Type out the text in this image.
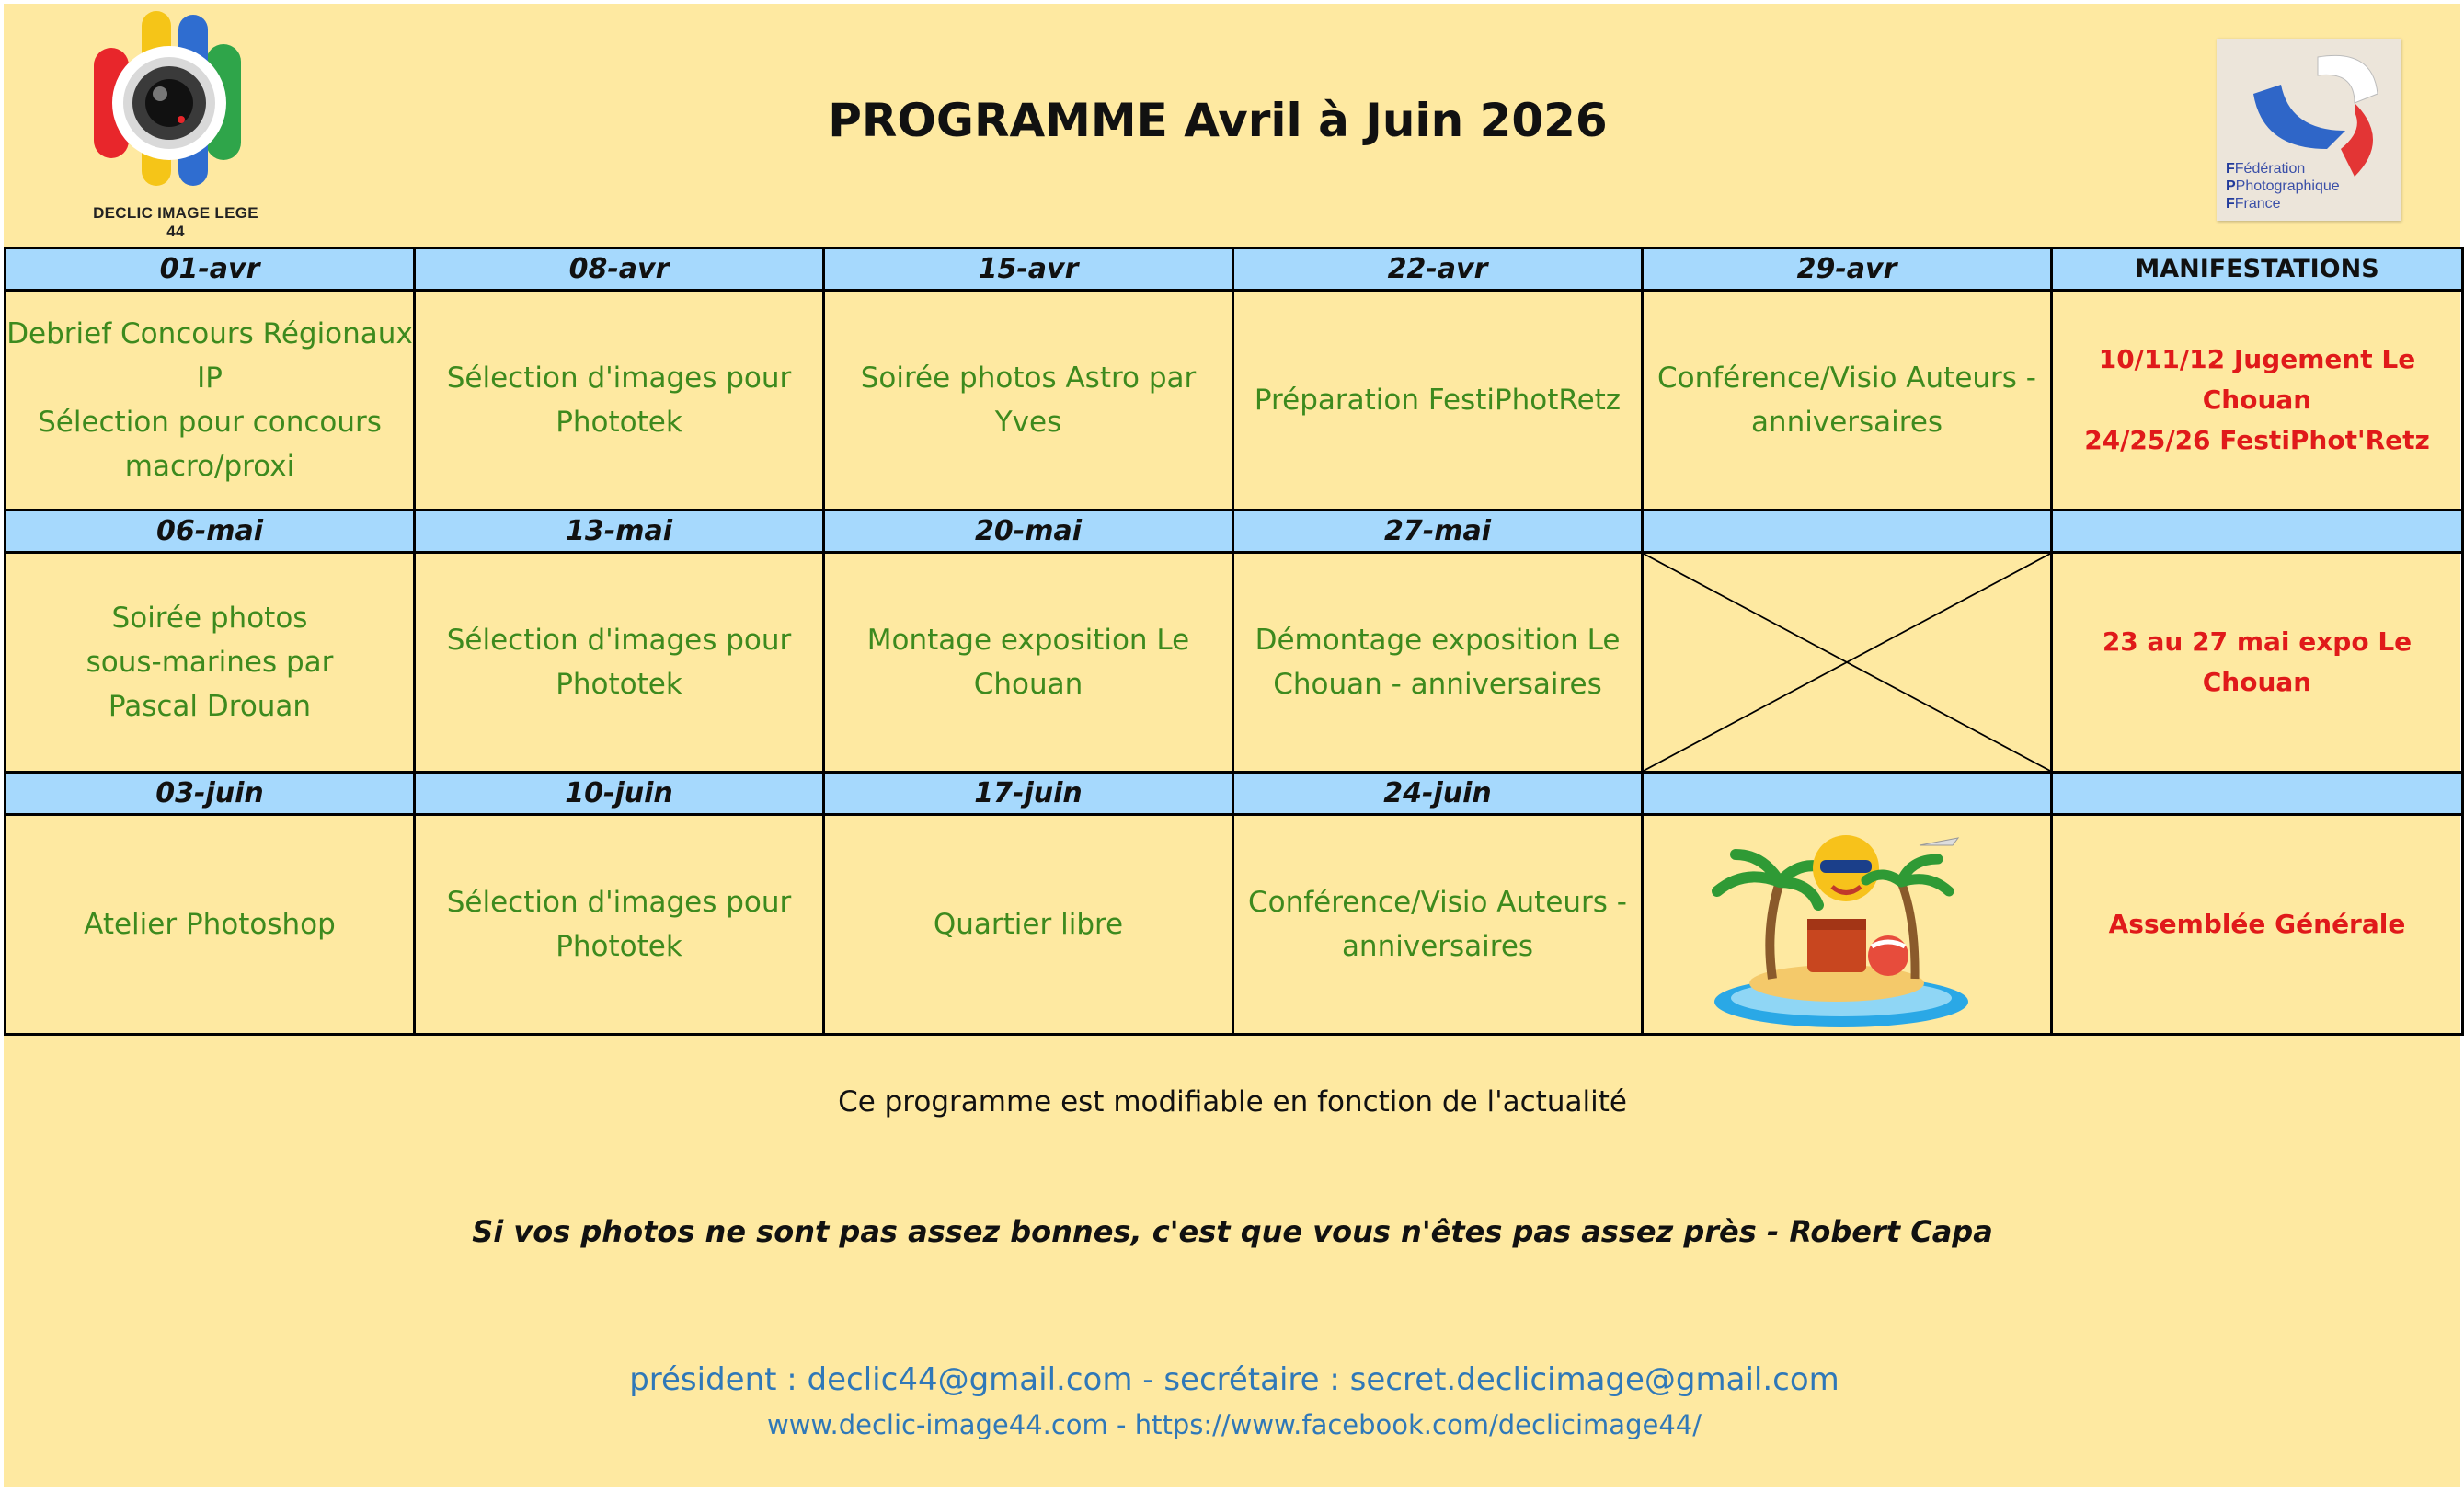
DECLIC IMAGE LEGE 44
PROGRAMME Avril à Juin 2026
FFédération
PPhotographique
FFrance
01-avr	08-avr	15-avr	22-avr	29-avr	MANIFESTATIONS
Debrief Concours Régionaux
IP
Sélection pour concours
macro/proxi	Sélection d'images pour
Phototek	Soirée photos Astro par Yves	Préparation FestiPhotRetz	Conférence/Visio Auteurs -
anniversaires	10/11/12 Jugement Le Chouan
24/25/26 FestiPhot'Retz
06-mai	13-mai	20-mai	27-mai		
Soirée photos
sous-marines par
Pascal Drouan	Sélection d'images pour
Phototek	Montage exposition Le
Chouan	Démontage exposition Le
Chouan - anniversaires		23 au 27 mai expo Le Chouan
03-juin	10-juin	17-juin	24-juin		
Atelier Photoshop	Sélection d'images pour
Phototek	Quartier libre	Conférence/Visio Auteurs -
anniversaires		Assemblée Générale
Ce programme est modifiable en fonction de l'actualité
Si vos photos ne sont pas assez bonnes, c'est que vous n'êtes pas assez près - Robert Capa
président : declic44@gmail.com - secrétaire : secret.declicimage@gmail.com
www.declic-image44.com - https://www.facebook.com/declicimage44/
